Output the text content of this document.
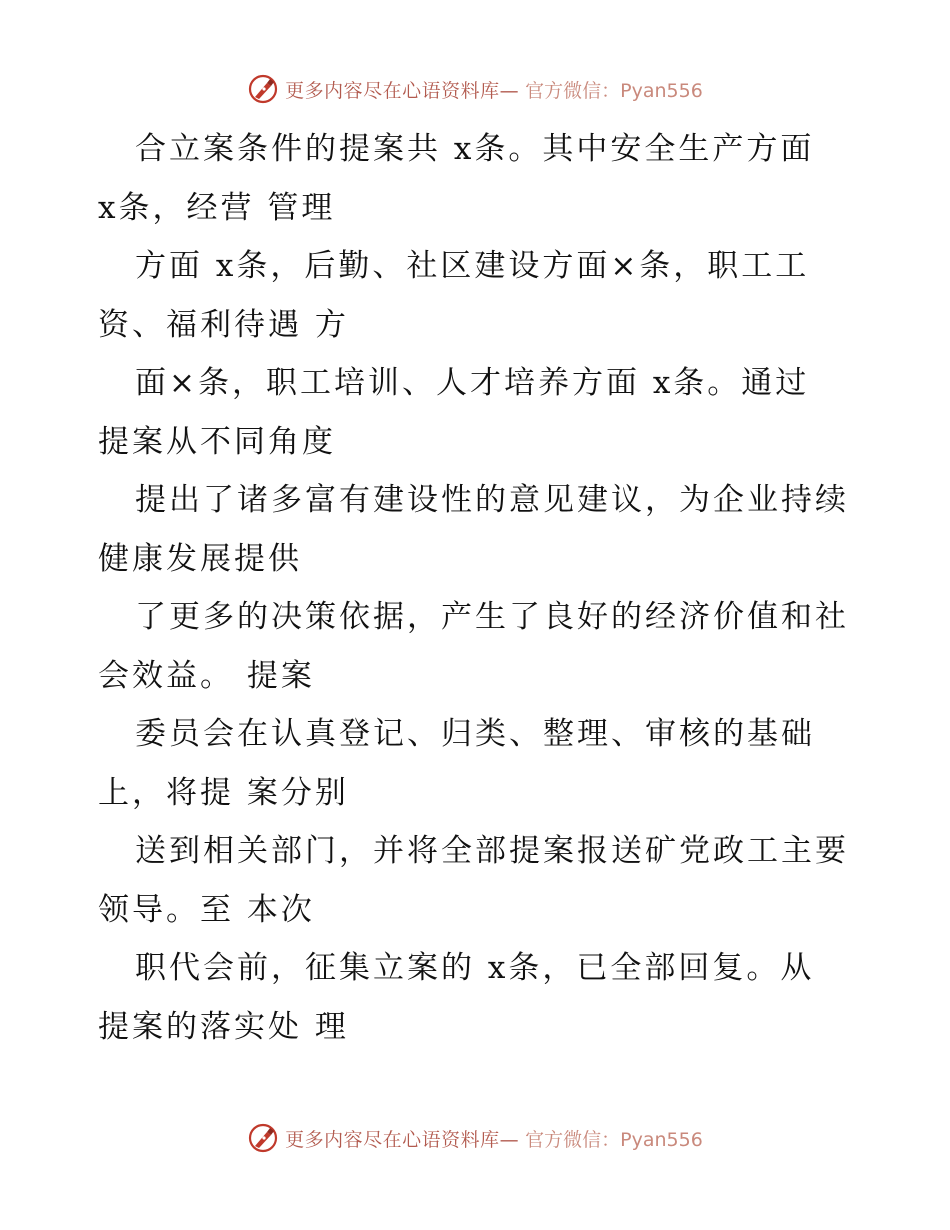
更多内容尽在心语资料库— 官方微信：Pyan556
合立案条件的提案共 x条。其中安全生产方面
x条，经营 管理
方面 x条，后勤、社区建设方面×条，职工工
资、福利待遇 方
面×条，职工培训、人才培养方面 x条。通过
提案从不同角度
提出了诸多富有建设性的意见建议，为企业持续
健康发展提供
了更多的决策依据，产生了良好的经济价值和社
会效益。 提案
委员会在认真登记、归类、整理、审核的基础
上，将提 案分别
送到相关部门，并将全部提案报送矿党政工主要
领导。至 本次
职代会前，征集立案的 x条，已全部回复。从
提案的落实处 理
更多内容尽在心语资料库— 官方微信：Pyan556
